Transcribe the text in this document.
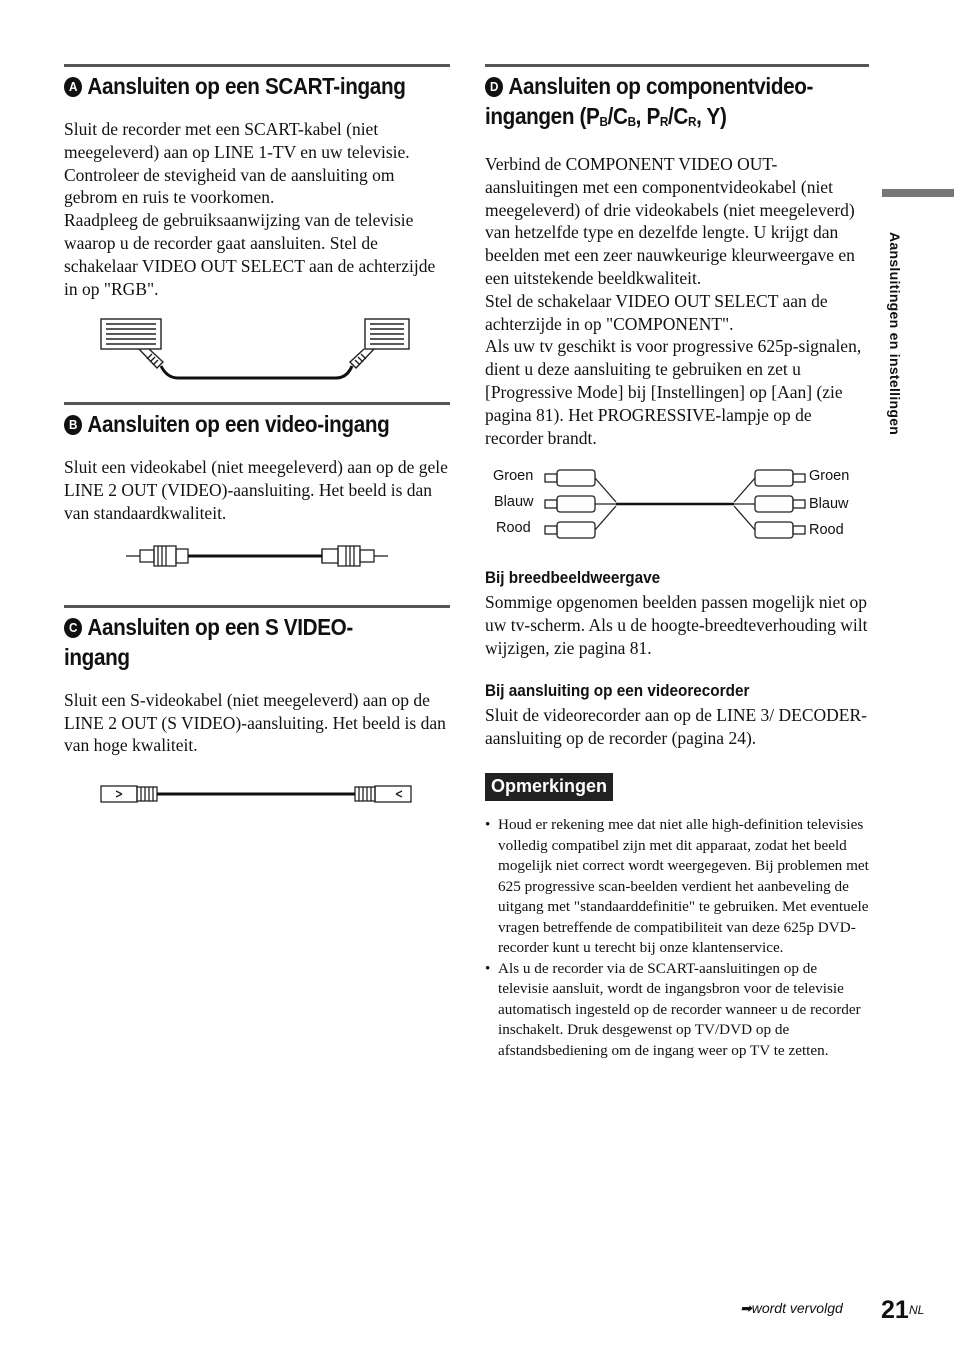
A Aansluiten op een SCART-ingang

Sluit de recorder met een SCART-kabel (niet meegeleverd) aan op LINE 1-TV en uw televisie. Controleer de stevigheid van de aansluiting om gebrom en ruis te voorkomen.
Raadpleeg de gebruiksaanwijzing van de televisie waarop u de recorder gaat aansluiten. Stel de schakelaar VIDEO OUT SELECT aan de achterzijde in op "RGB".

B Aansluiten op een video-ingang

Sluit een videokabel (niet meegeleverd) aan op de gele LINE 2 OUT (VIDEO)-aansluiting. Het beeld is dan van standaardkwaliteit.

C Aansluiten op een S VIDEO-
ingang

Sluit een S-videokabel (niet meegeleverd) aan op de LINE 2 OUT (S VIDEO)-aansluiting. Het beeld is dan van hoge kwaliteit.

D Aansluiten op componentvideo-
ingangen (PB/CB, PR/CR, Y)

Verbind de COMPONENT VIDEO OUT-aansluitingen met een componentvideokabel (niet meegeleverd) of drie videokabels (niet meegeleverd) van hetzelfde type en dezelfde lengte. U krijgt dan beelden met een zeer nauwkeurige kleurweergave en een uitstekende beeldkwaliteit.
Stel de schakelaar VIDEO OUT SELECT aan de achterzijde in op "COMPONENT".
Als uw tv geschikt is voor progressive 625p-signalen, dient u deze aansluiting te gebruiken en zet u [Progressive Mode] bij [Instellingen] op [Aan] (zie pagina 81). Het PROGRESSIVE-lampje op de recorder brandt.

Groen
Blauw
Rood
Groen
Blauw
Rood
Bij breedbeeldweergave

Sommige opgenomen beelden passen mogelijk niet op uw tv-scherm. Als u de hoogte-breedteverhouding wilt wijzigen, zie pagina 81.

Bij aansluiting op een videorecorder

Sluit de videorecorder aan op de LINE 3/ DECODER-aansluiting op de recorder (pagina 24).

Opmerkingen
• Houd er rekening mee dat niet alle high-definition televisies volledig compatibel zijn met dit apparaat, zodat het beeld mogelijk niet correct wordt weergegeven. Bij problemen met 625 progressive scan-beelden verdient het aanbeveling de uitgang met "standaarddefinitie" te gebruiken. Met eventuele vragen betreffende de compatibiliteit van deze 625p DVD-recorder kunt u terecht bij onze klantenservice.
• Als u de recorder via de SCART-aansluitingen op de televisie aansluit, wordt de ingangsbron voor de televisie automatisch ingesteld op de recorder wanneer u de recorder inschakelt. Druk desgewenst op TV/DVD op de afstandsbediening om de ingang weer op TV te zetten.
Aansluitingen en instellingen
➡wordt vervolgd 21 NL
